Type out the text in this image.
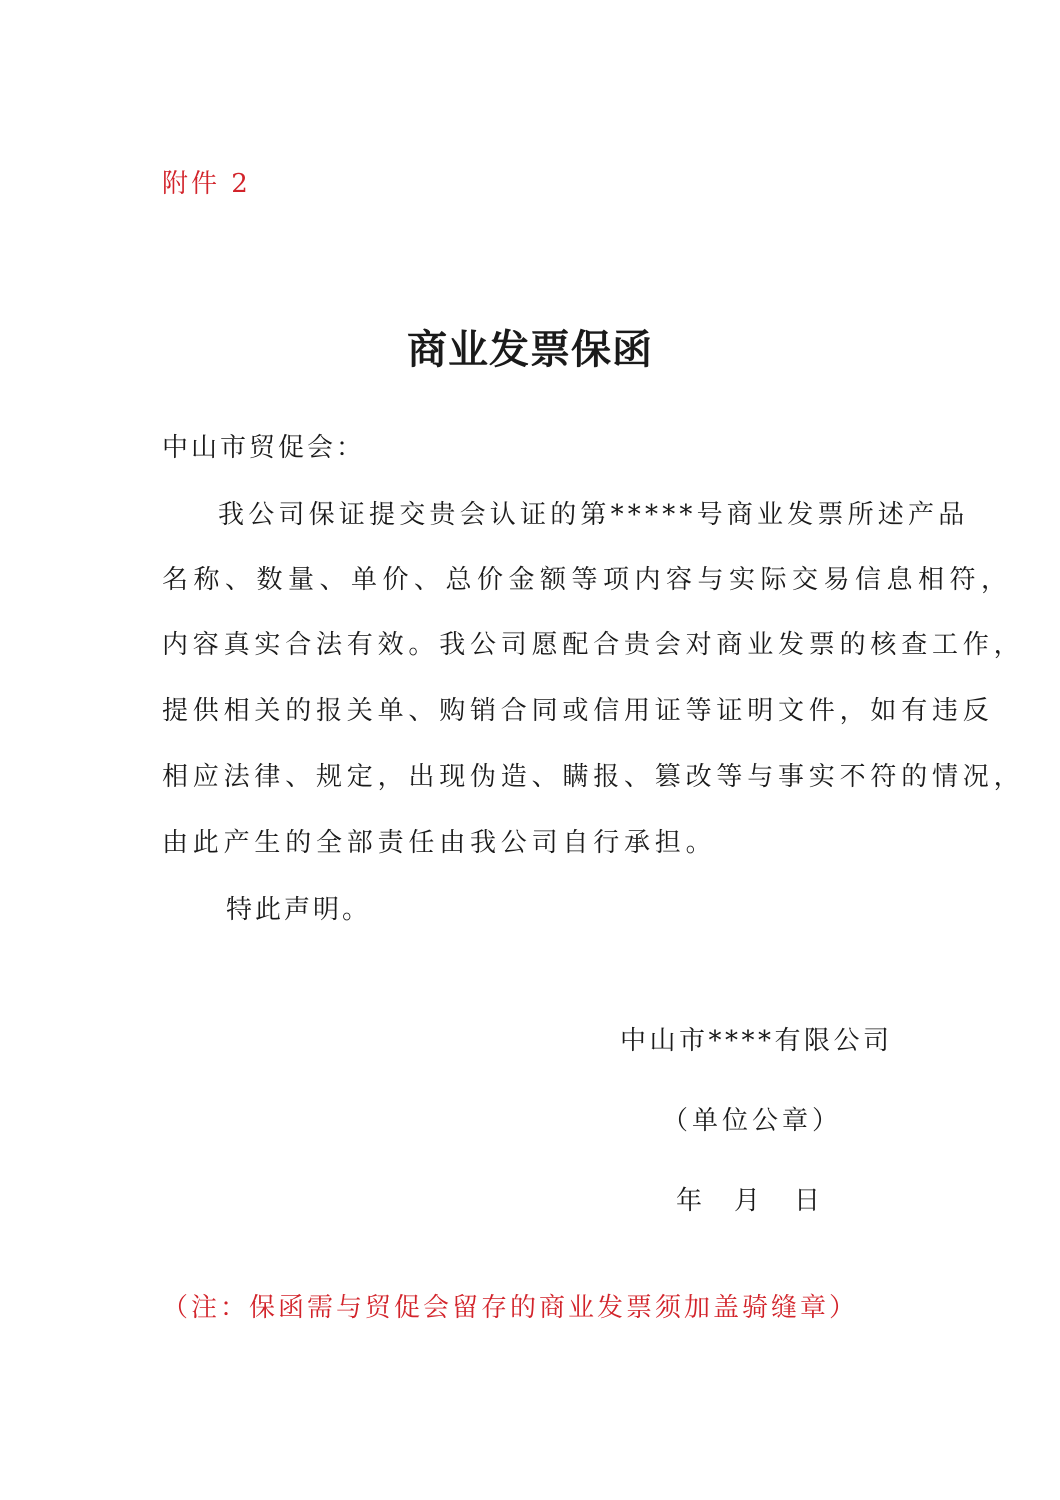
附件 2
商业发票保函
中山市贸促会：
我公司保证提交贵会认证的第*****号商业发票所述产品
名称、数量、单价、总价金额等项内容与实际交易信息相符，
内容真实合法有效。我公司愿配合贵会对商业发票的核查工作，
提供相关的报关单、购销合同或信用证等证明文件，如有违反
相应法律、规定，出现伪造、瞒报、篡改等与事实不符的情况，
由此产生的全部责任由我公司自行承担。
特此声明。
中山市****有限公司
（单位公章）
年 月 日
（注：保函需与贸促会留存的商业发票须加盖骑缝章）
